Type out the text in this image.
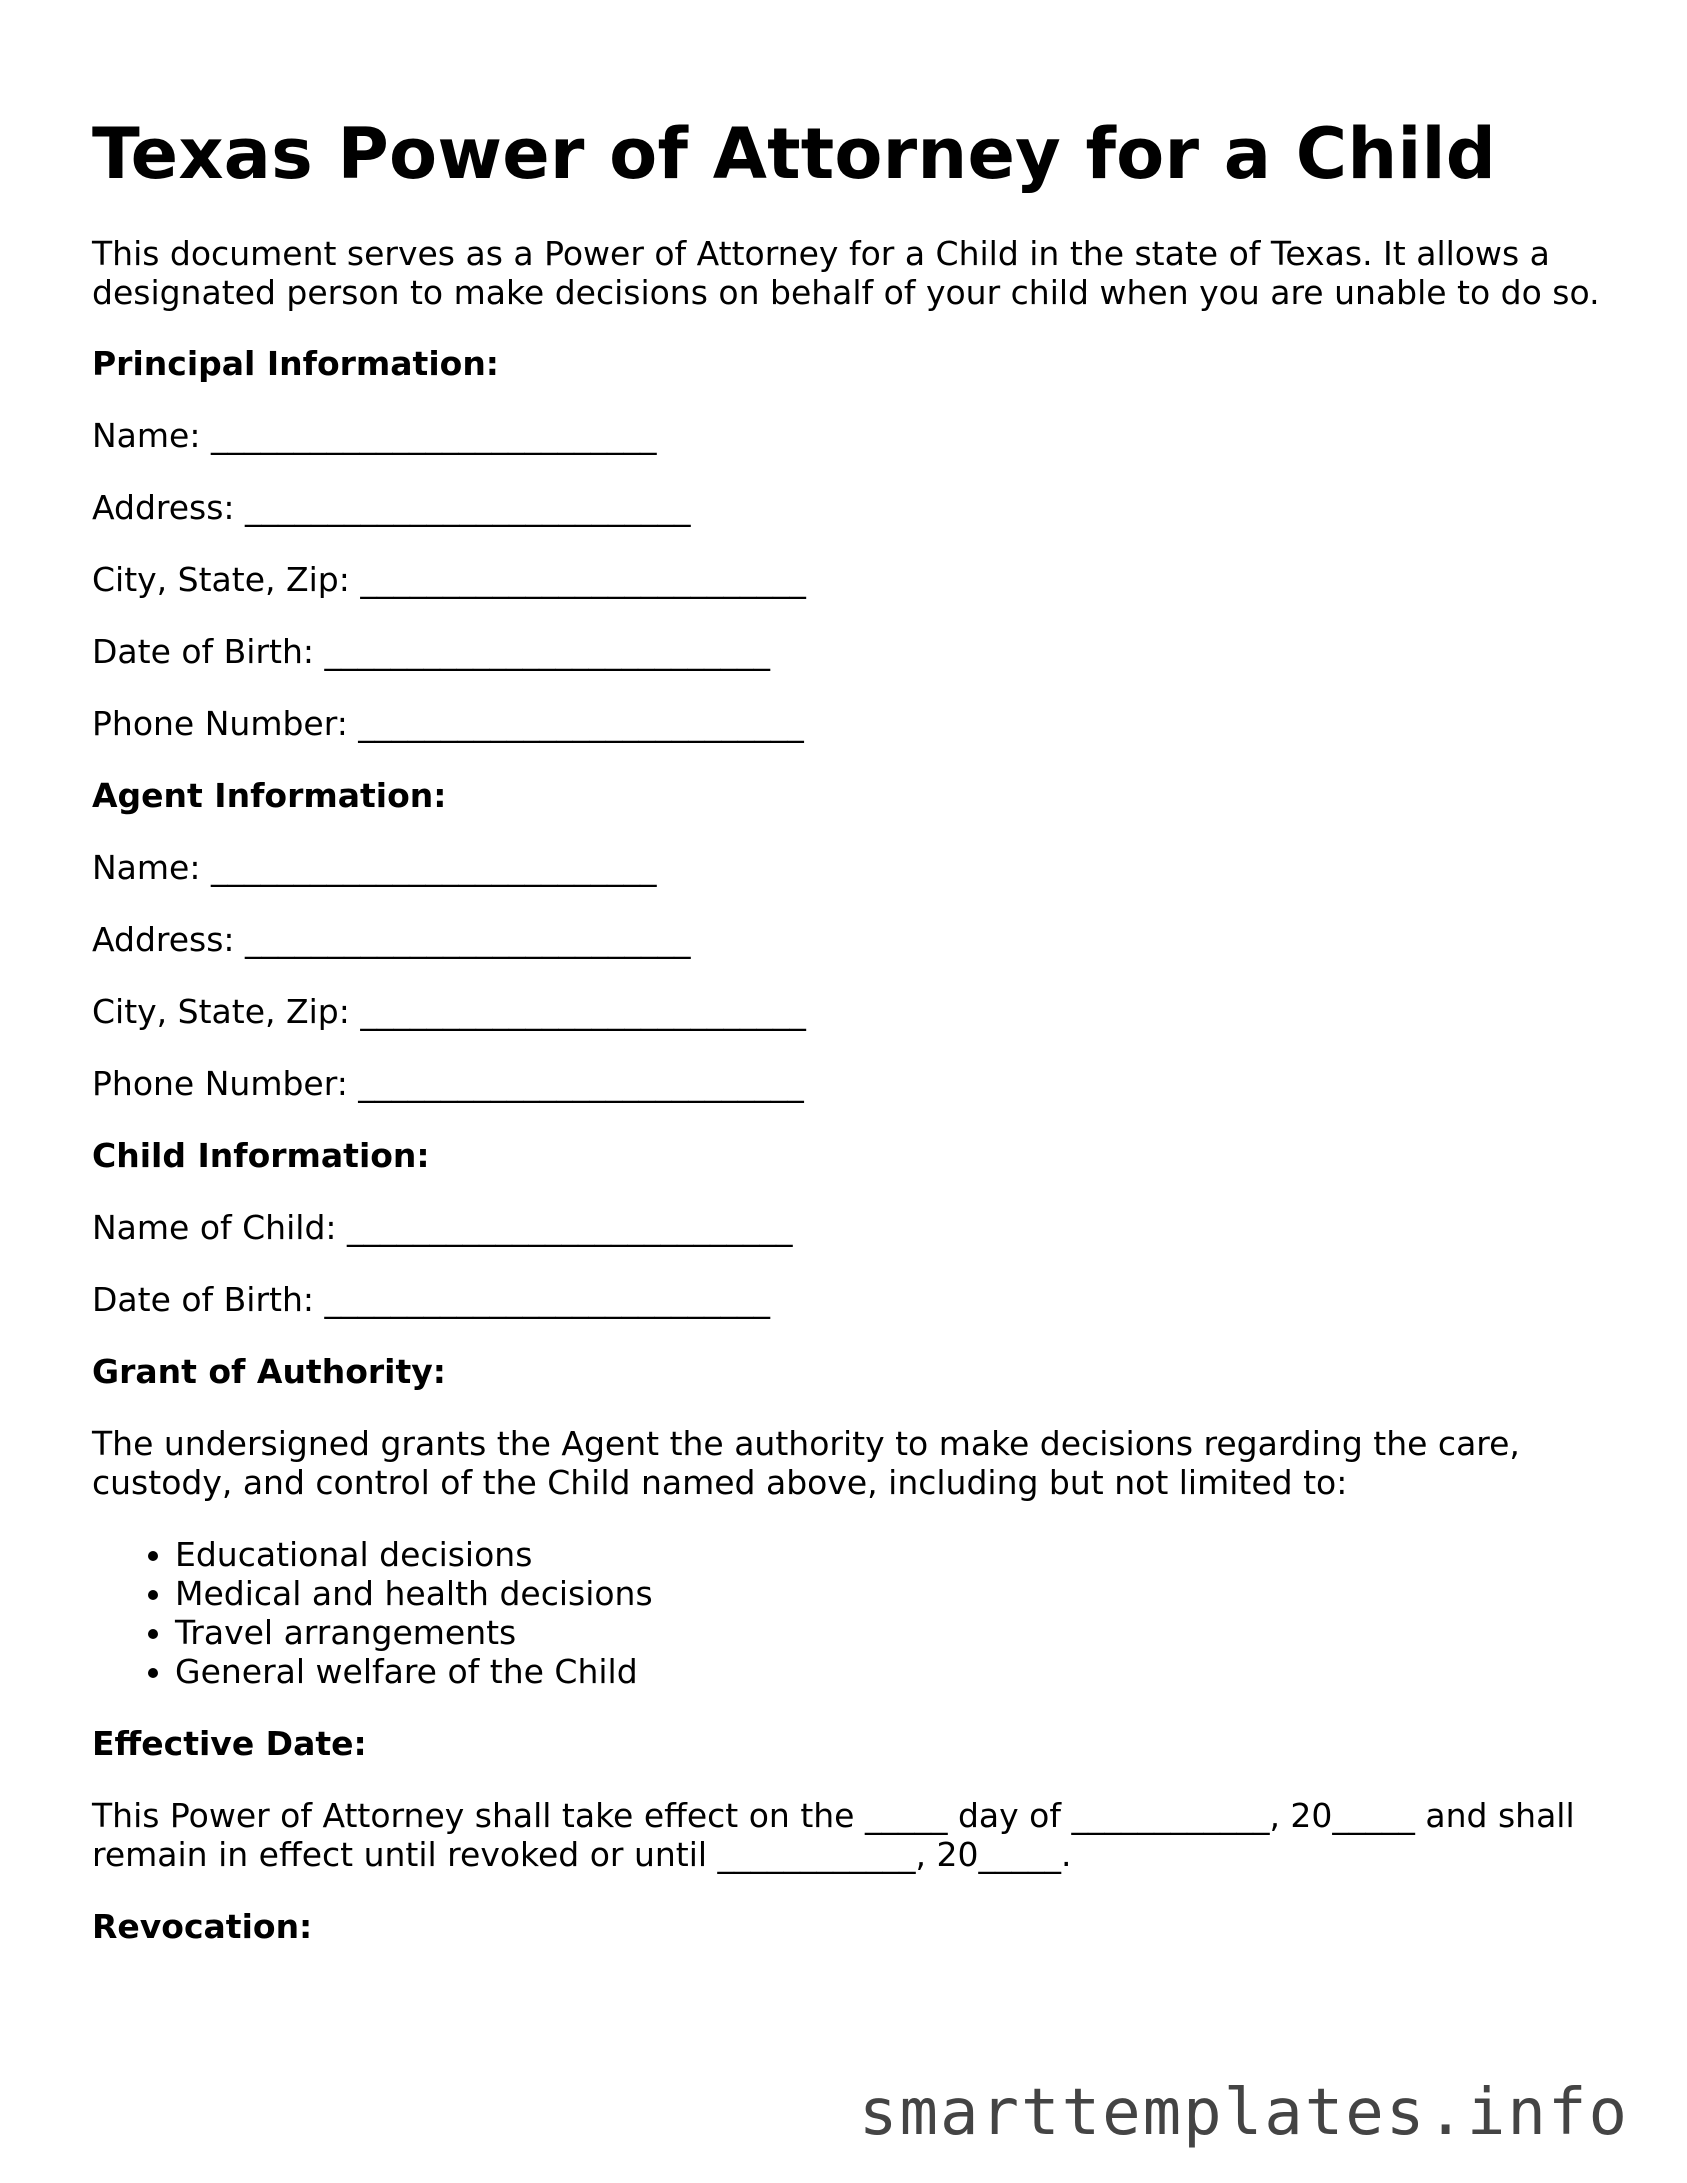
Texas Power of Attorney for a Child

This document serves as a Power of Attorney for a Child in the state of Texas. It allows a designated person to make decisions on behalf of your child when you are unable to do so.

Principal Information:
Name: ___________________________
Address: ___________________________
City, State, Zip: ___________________________
Date of Birth: ___________________________
Phone Number: ___________________________
Agent Information:
Name: ___________________________
Address: ___________________________
City, State, Zip: ___________________________
Phone Number: ___________________________
Child Information:
Name of Child: ___________________________
Date of Birth: ___________________________
Grant of Authority:

The undersigned grants the Agent the authority to make decisions regarding the care, custody, and control of the Child named above, including but not limited to:

• Educational decisions
• Medical and health decisions
• Travel arrangements
• General welfare of the Child
Effective Date:

This Power of Attorney shall take effect on the _____ day of ____________, 20_____ and shall remain in effect until revoked or until ____________, 20_____.

Revocation:
smarttemplates.info
